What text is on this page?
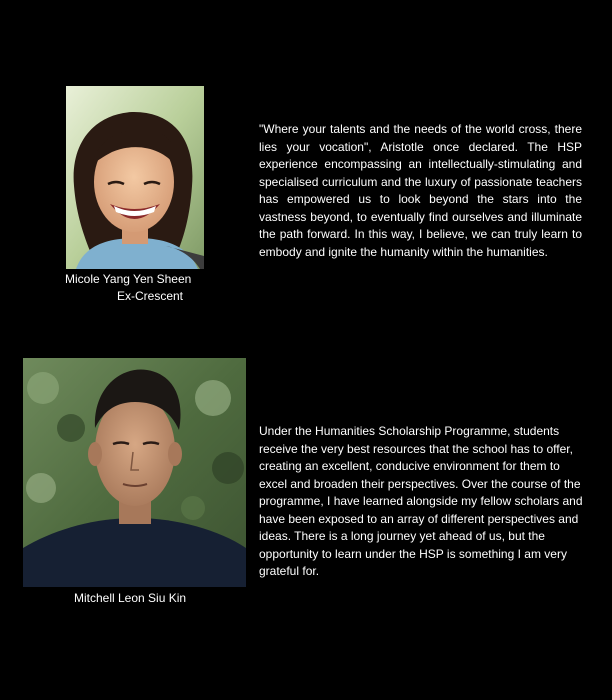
Micole Yang Yen Sheen
Ex-Crescent
"Where your talents and the needs of the world cross, there lies your vocation", Aristotle once declared. The HSP experience encompassing an intellectually-stimulating and specialised curriculum and the luxury of passionate teachers has empowered us to look beyond the stars into the vastness beyond, to eventually find ourselves and illuminate the path forward. In this way, I believe, we can truly learn to embody and ignite the humanity within the humanities.
Mitchell Leon Siu Kin
Under the Humanities Scholarship Programme, students receive the very best resources that the school has to offer, creating an excellent, conducive environment for them to excel and broaden their perspectives. Over the course of the programme, I have learned alongside my fellow scholars and have been exposed to an array of different perspectives and ideas. There is a long journey yet ahead of us, but the opportunity to learn under the HSP is something I am very grateful for.
